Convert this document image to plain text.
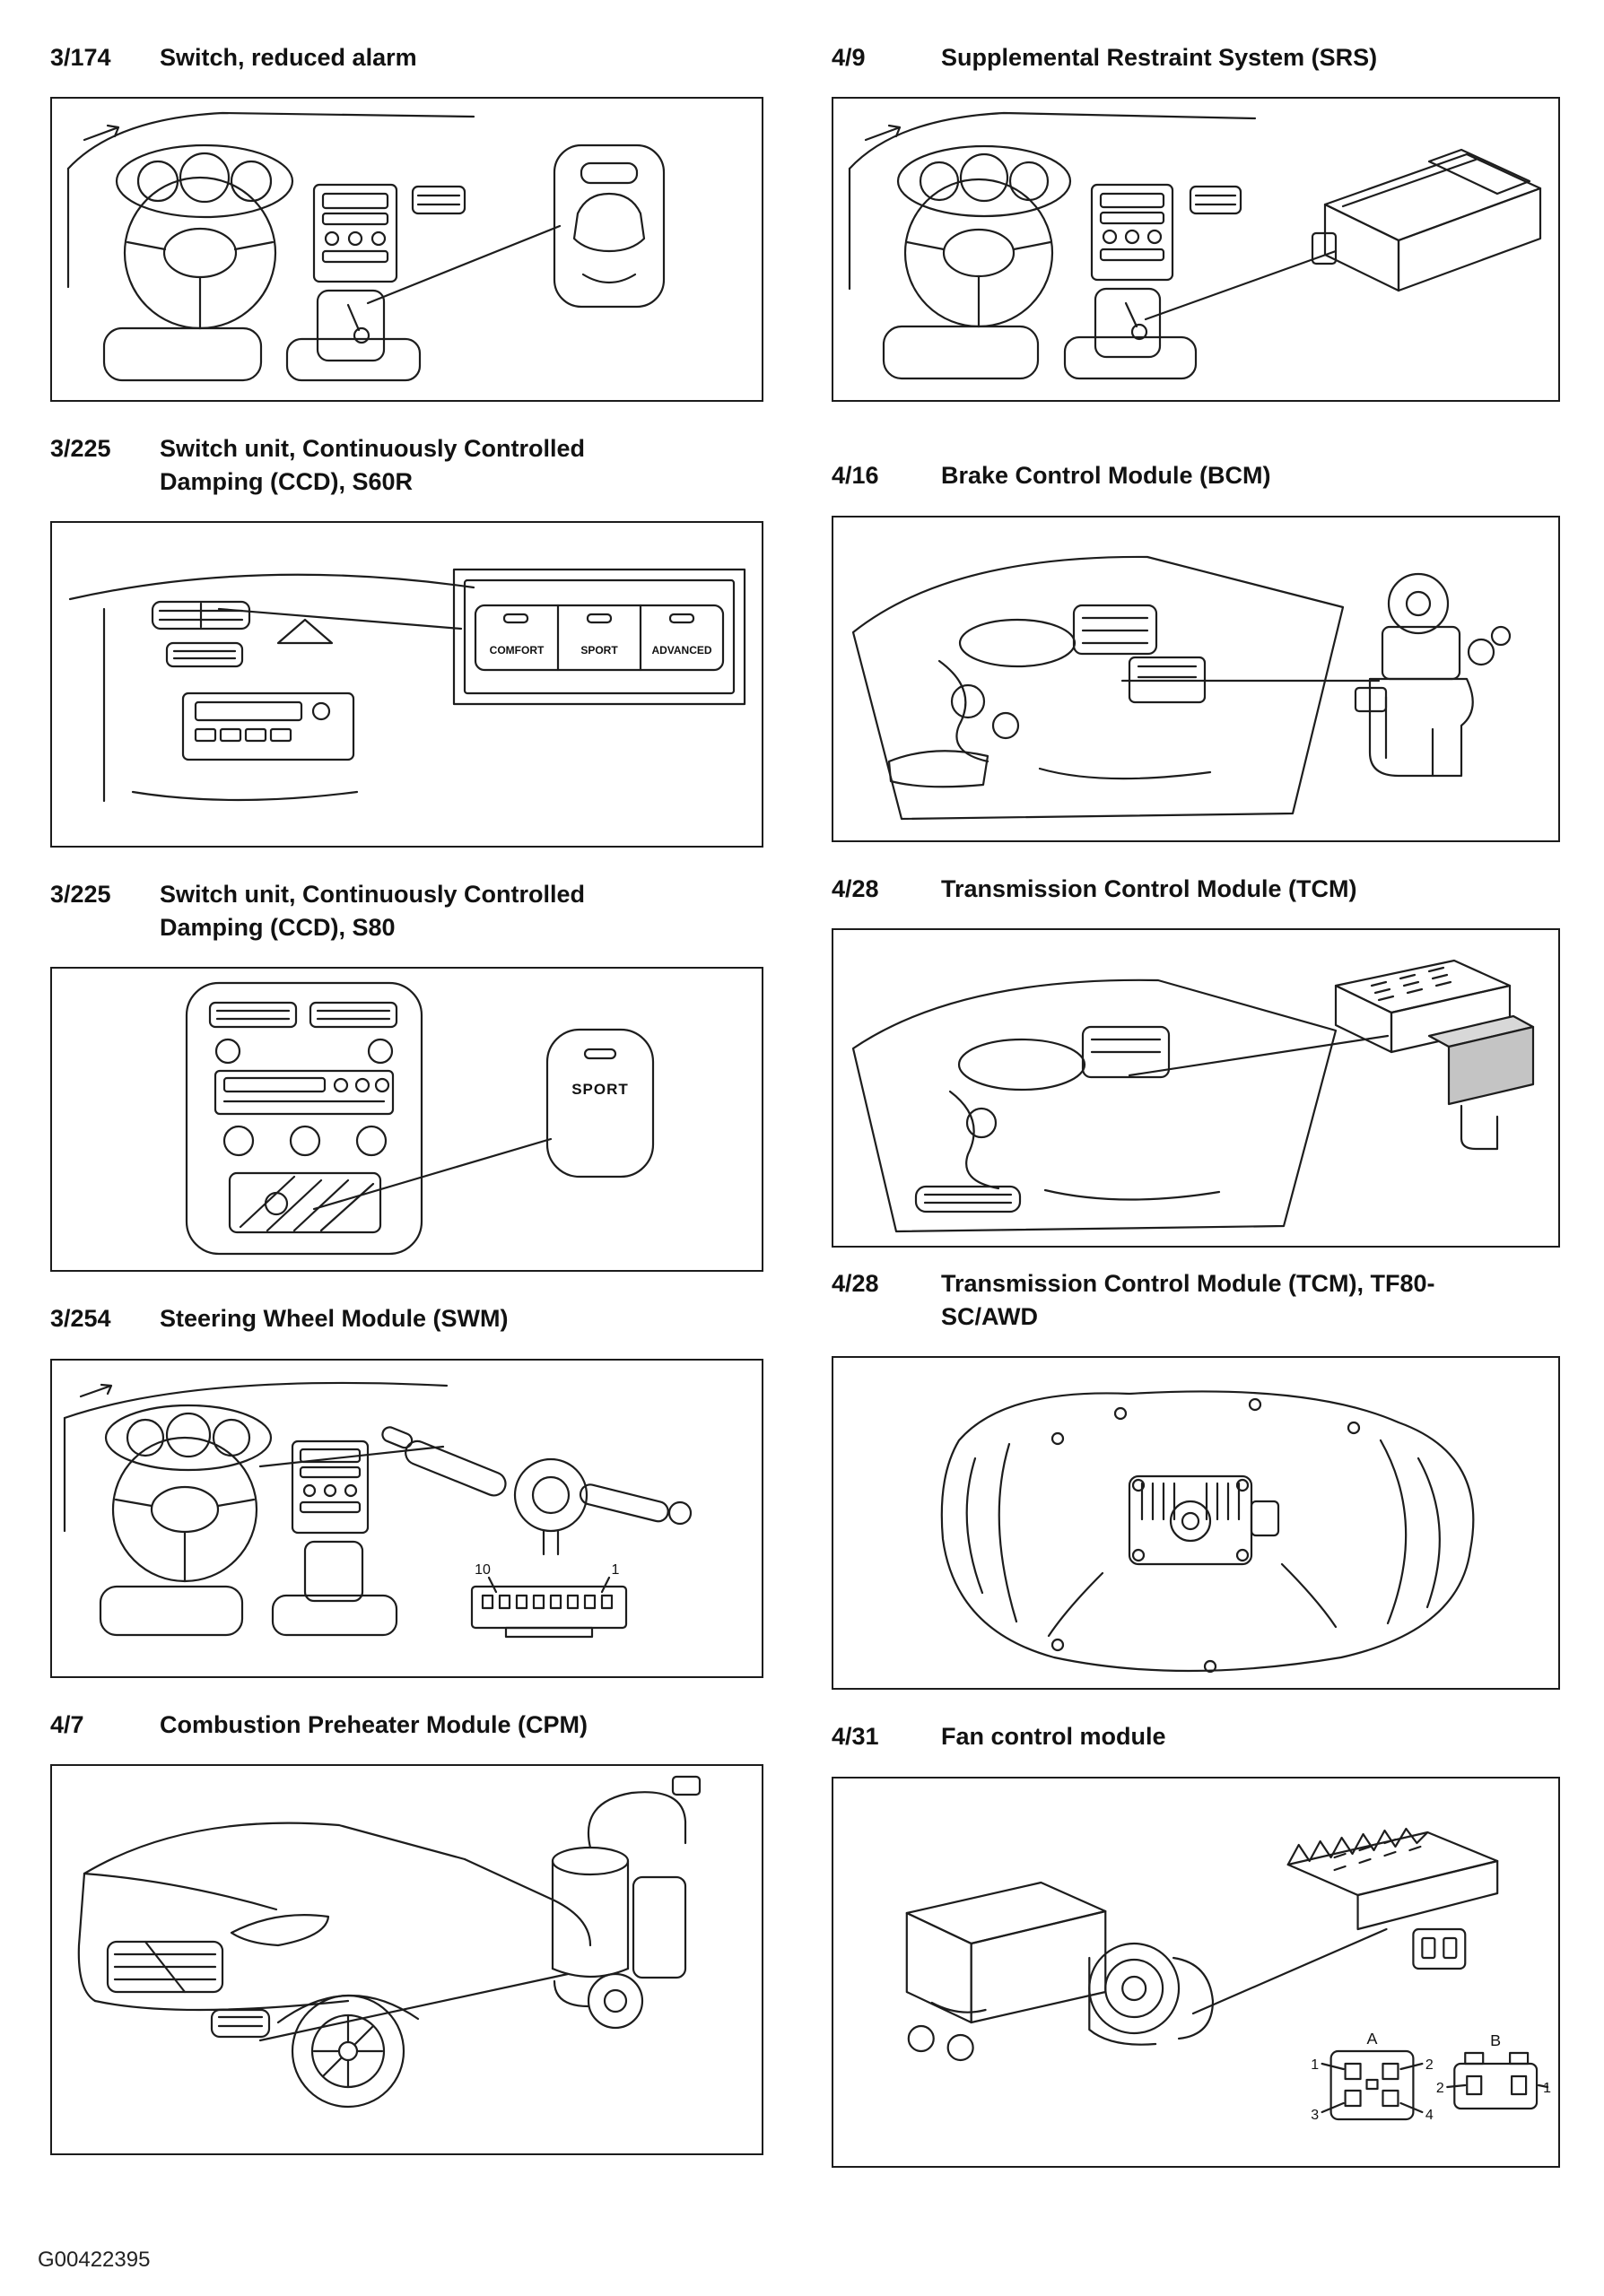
3/174	Switch, reduced alarm
3/225	Switch unit, Continuously Controlled Damping (CCD), S60R
COMFORT	SPORT	ADVANCED
3/225	Switch unit, Continuously Controlled Damping (CCD), S80
SPORT
3/254	Steering Wheel Module (SWM)
10	1
4/7	Combustion Preheater Module (CPM)
4/9	Supplemental Restraint System (SRS)
4/16	Brake Control Module (BCM)
4/28	Transmission Control Module (TCM)
4/28	Transmission Control Module (TCM), TF80-SC/AWD
4/31	Fan control module
A	B
1	2
3	4
2	1
G00422395
